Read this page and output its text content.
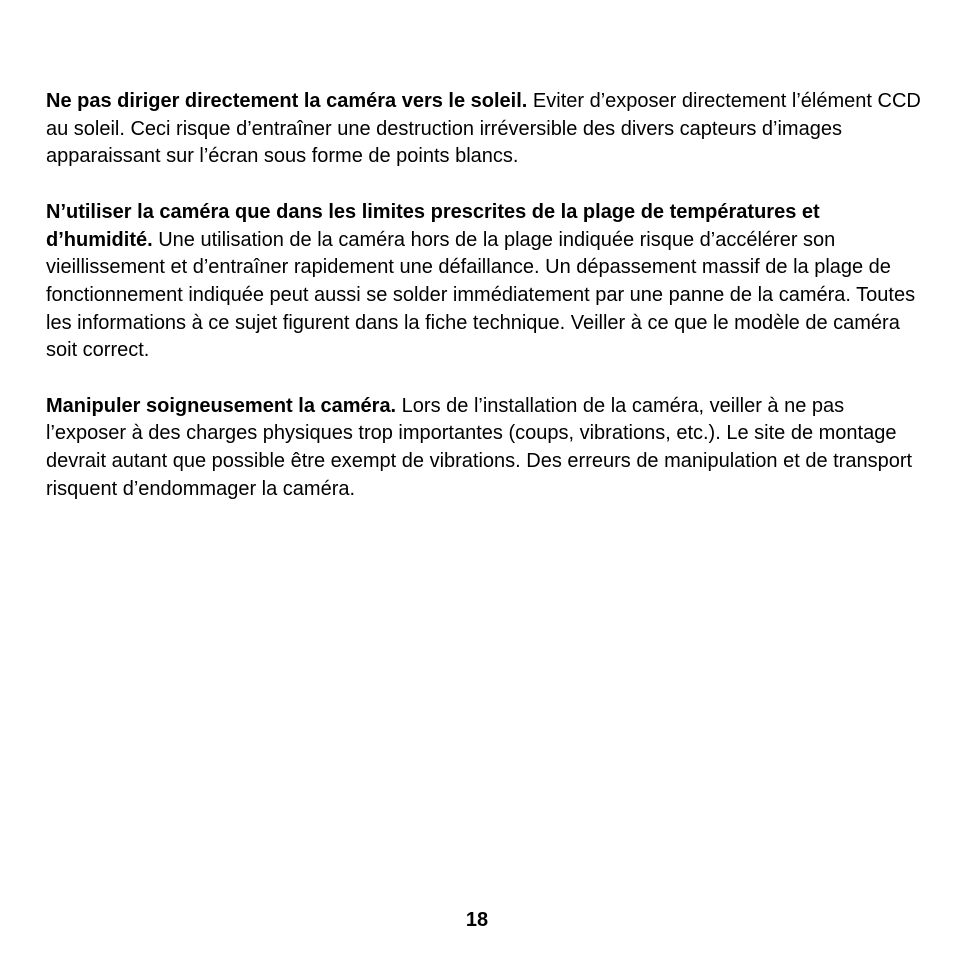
Ne pas diriger directement la caméra vers le soleil. Eviter d’exposer directement l’élément CCD au soleil. Ceci risque d’entraîner une destruction irréversible des divers capteurs d’images apparaissant sur l’écran sous forme de points blancs.

N’utiliser la caméra que dans les limites prescrites de la plage de températures et d’humidité. Une utilisation de la caméra hors de la plage indiquée risque d’accélérer son vieillissement et d’entraîner rapidement une défaillance. Un dépassement massif de la plage de fonctionnement indiquée peut aussi se solder immédiatement par une panne de la caméra. Toutes les informations à ce sujet figurent dans la fiche technique. Veiller à ce que le modèle de caméra soit correct.

Manipuler soigneusement la caméra. Lors de l’installation de la caméra, veiller à ne pas l’exposer à des charges physiques trop importantes (coups, vibrations, etc.). Le site de montage devrait autant que possible être exempt de vibrations. Des erreurs de manipulation et de transport risquent d’endommager la caméra.

18
